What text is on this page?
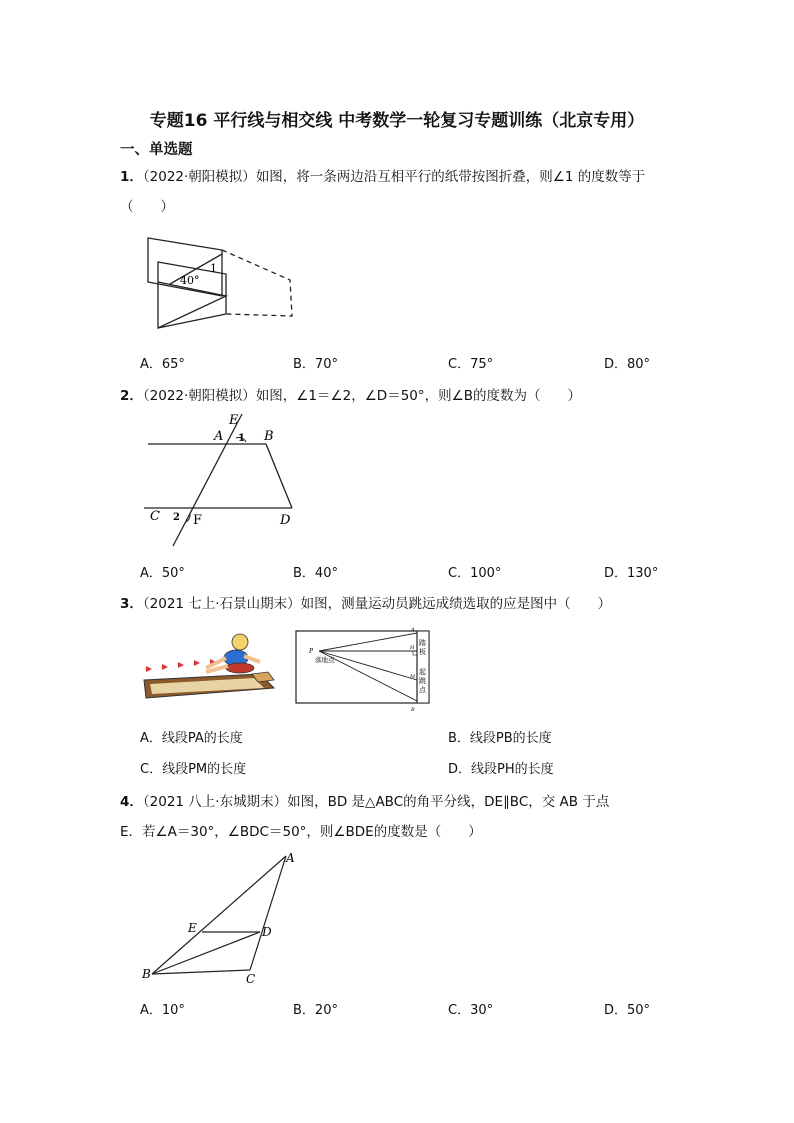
专题16 平行线与相交线 中考数学一轮复习专题训练（北京专用）
一、单选题
1．（2022·朝阳模拟）如图，将一条两边沿互相平行的纸带按图折叠，则∠1 的度数等于
（　　）
40°
1
A．65°	B．70°	C．75°	D．80°
2．（2022·朝阳模拟）如图，∠1＝∠2，∠D＝50°，则∠B的度数为（　　）
E
A 1 B
C 2 F	D
A．50°	B．40°	C．100°	D．130°
3．（2021 七上·石景山期末）如图，测量运动员跳远成绩选取的应是图中（　　）
P
落地点
A
H
M
B
踏
板
起
跳
点
A．线段PA的长度	B．线段PB的长度
C．线段PM的长度	D．线段PH的长度
4．（2021 八上·东城期末）如图，BD 是△ABC的角平分线，DE∥BC，交 AB 于点
E．若∠A＝30°，∠BDC＝50°，则∠BDE的度数是（　　）
A
E	D
B	C
A．10°	B．20°	C．30°	D．50°
